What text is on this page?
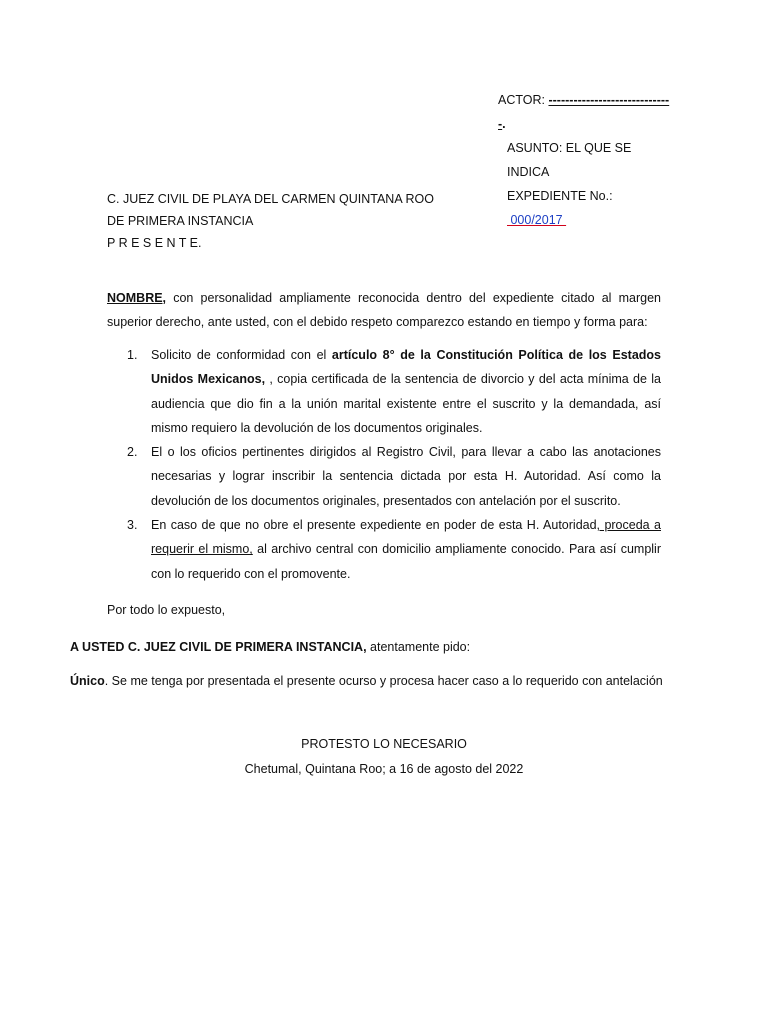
ACTOR: ------------------------------.
ASUNTO: EL QUE SE INDICA
EXPEDIENTE No.: 000/2017
C. JUEZ CIVIL DE PLAYA DEL CARMEN QUINTANA ROO
DE PRIMERA INSTANCIA
P R E S E N T E.
NOMBRE, con personalidad ampliamente reconocida dentro del expediente citado al margen superior derecho, ante usted, con el debido respeto comparezco estando en tiempo y forma para:
1. Solicito de conformidad con el artículo 8° de la Constitución Política de los Estados Unidos Mexicanos, , copia certificada de la sentencia de divorcio y del acta mínima de la audiencia que dio fin a la unión marital existente entre el suscrito y la demandada, así mismo requiero la devolución de los documentos originales.
2. El o los oficios pertinentes dirigidos al Registro Civil, para llevar a cabo las anotaciones necesarias y lograr inscribir la sentencia dictada por esta H. Autoridad. Así como la devolución de los documentos originales, presentados con antelación por el suscrito.
3. En caso de que no obre el presente expediente en poder de esta H. Autoridad, proceda a requerir el mismo, al archivo central con domicilio ampliamente conocido. Para así cumplir con lo requerido con el promovente.
Por todo lo expuesto,
A USTED C. JUEZ CIVIL DE PRIMERA INSTANCIA, atentamente pido:
Único. Se me tenga por presentada el presente ocurso y procesa hacer caso a lo requerido con antelación
PROTESTO LO NECESARIO
Chetumal, Quintana Roo; a 16 de agosto del 2022
